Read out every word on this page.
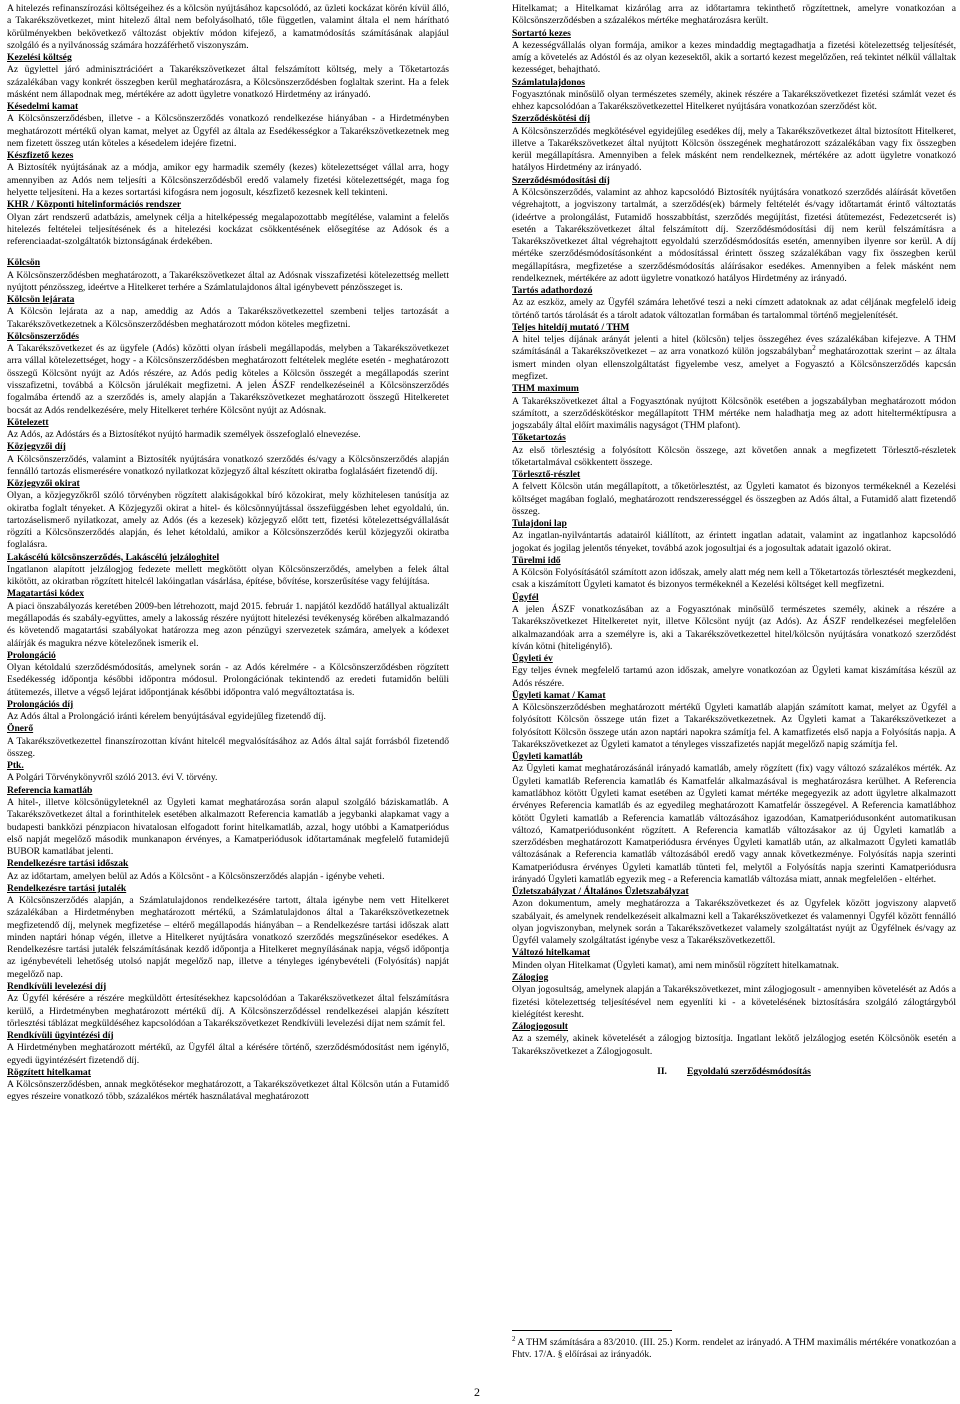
A hitelezés refinanszírozási költségeihez és a kölcsön nyújtásához kapcsolódó, az üzleti kockázat körén kívül álló, a Takarékszövetkezet, mint hitelező által nem befolyásolható, tőle független, valamint általa el nem hárítható körülményekben bekövetkező változást objektív módon kifejező, a kamatmódosítás számításának alapjául szolgáló és a nyilvánosság számára hozzáférhető viszonyszám.

Kezelési költség
Az ügylettel járó adminisztrációért a Takarékszövetkezet által felszámított költség, mely a Tőketartozás százalékában vagy konkrét összegben kerül meghatározásra, a Kölcsönszerződésben foglaltak szerint. Ha a felek másként nem állapodnak meg, mértékére az adott ügyletre vonatkozó Hirdetmény az irányadó.
Késedelmi kamat
A Kölcsönszerződésben, illetve - a Kölcsönszerződés vonatkozó rendelkezése hiányában - a Hirdetményben meghatározott mértékű olyan kamat, melyet az Ügyfél az általa az Esedékességkor a Takarékszövetkezetnek meg nem fizetett összeg után köteles a késedelem idejére fizetni.
Készfizető kezes
A Biztosíték nyújtásának az a módja, amikor egy harmadik személy (kezes) kötelezettséget vállal arra, hogy amennyiben az Adós nem teljesíti a Kölcsönszerződésből eredő valamely fizetési kötelezettségét, maga fog helyette teljesíteni. Ha a kezes sortartási kifogásra nem jogosult, készfizető kezesnek kell tekinteni.
KHR / Központi hitelinformációs rendszer
Olyan zárt rendszerű adatbázis, amelynek célja a hitelképesség megalapozottabb megítélése, valamint a felelős hitelezés feltételei teljesítésének és a hitelezési kockázat csökkentésének elősegítése az Adósok és a referenciaadat-szolgáltatók biztonságának érdekében.
Kölcsön
A Kölcsönszerződésben meghatározott, a Takarékszövetkezet által az Adósnak visszafizetési kötelezettség mellett nyújtott pénzösszeg, ideértve a Hitelkeret terhére a Számlatulajdonos által igénybevett pénzösszeget is.
Kölcsön lejárata
A Kölcsön lejárata az a nap, ameddig az Adós a Takarékszövetkezettel szembeni teljes tartozását a Takarékszövetkezetnek a Kölcsönszerződésben meghatározott módon köteles megfizetni.
Kölcsönszerződés
A Takarékszövetkezet és az ügyfele (Adós) közötti olyan írásbeli megállapodás, melyben a Takarékszövetkezet arra vállal kötelezettséget, hogy - a Kölcsönszerződésben meghatározott feltételek megléte esetén - meghatározott összegű Kölcsönt nyújt az Adós részére, az Adós pedig köteles a Kölcsön összegét a megállapodás szerint visszafizetni, továbbá a Kölcsön járulékait megfizetni. A jelen ÁSZF rendelkezéseinél a Kölcsönszerződés fogalmába értendő az a szerződés is, amely alapján a Takarékszövetkezet meghatározott összegű Hitelkeretet bocsát az Adós rendelkezésére, mely Hitelkeret terhére Kölcsönt nyújt az Adósnak.
Kötelezett
Az Adós, az Adóstárs és a Biztosítékot nyújtó harmadik személyek összefoglaló elnevezése.
Közjegyzői díj
A Kölcsönszerződés, valamint a Biztosíték nyújtására vonatkozó szerződés és/vagy a Kölcsönszerződés alapján fennálló tartozás elismerésére vonatkozó nyilatkozat közjegyző által készített okiratba foglalásáért fizetendő díj.
Közjegyzői okirat
Olyan, a közjegyzőkről szóló törvényben rögzített alakiságokkal bíró közokirat, mely közhitelesen tanúsítja az okiratba foglalt tényeket. A Közjegyzői okirat a hitel- és kölcsönnyújtással összefüggésben lehet egyoldalú, ún. tartozáselismerő nyilatkozat, amely az Adós (és a kezesek) közjegyző előtt tett, fizetési kötelezettségvállalását rögzíti a Kölcsönszerződés alapján, és lehet kétoldalú, amikor a Kölcsönszerződés kerül közjegyzői okiratba foglalásra.
Lakáscélú kölcsönszerződés, Lakáscélú jelzáloghitel
Ingatlanon alapított jelzálogjog fedezete mellett megkötött olyan Kölcsönszerződés, amelyben a felek által kikötött, az okiratban rögzített hitelcél lakóingatlan vásárlása, építése, bővítése, korszerűsítése vagy felújítása.
Magatartási kódex
A piaci önszabályozás keretében 2009-ben létrehozott, majd 2015. február 1. napjától kezdődő hatállyal aktualizált megállapodás és szabály-együttes, amely a lakosság részére nyújtott hitelezési tevékenység körében alkalmazandó és követendő magatartási szabályokat határozza meg azon pénzügyi szervezetek számára, amelyek a kódexet aláírják és magukra nézve kötelezőnek ismerik el.
Prolongáció
Olyan kétoldalú szerződésmódosítás, amelynek során - az Adós kérelmére - a Kölcsönszerződésben rögzített Esedékesség időpontja későbbi időpontra módosul. Prolongációnak tekintendő az eredeti futamidőn belüli átütemezés, illetve a végső lejárat időpontjának későbbi időpontra való megváltoztatása is.
Prolongációs díj
Az Adós által a Prolongáció iránti kérelem benyújtásával egyidejűleg fizetendő díj.
Önerő
A Takarékszövetkezettel finanszírozottan kívánt hitelcél megvalósításához az Adós által saját forrásból fizetendő összeg.
Ptk.
A Polgári Törvénykönyvről szóló 2013. évi V. törvény.
Referencia kamatláb
A hitel-, illetve kölcsönügyleteknél az Ügyleti kamat meghatározása során alapul szolgáló báziskamatláb. A Takarékszövetkezet által a forinthitelek esetében alkalmazott Referencia kamatláb a jegybanki alapkamat vagy a budapesti bankközi pénzpiacon hivatalosan elfogadott forint hitelkamatláb, azzal, hogy utóbbi a Kamatperiódus első napját megelőző második munkanapon érvényes, a Kamatperiódusok időtartamának megfelelő futamidejű BUBOR kamatlábat jelenti.
Rendelkezésre tartási időszak
Az az időtartam, amelyen belül az Adós a Kölcsönt - a Kölcsönszerződés alapján - igénybe veheti.
Rendelkezésre tartási jutalék
A Kölcsönszerződés alapján, a Számlatulajdonos rendelkezésére tartott, általa igénybe nem vett Hitelkeret százalékában a Hirdetményben meghatározott mértékű, a Számlatulajdonos által a Takarékszövetkezetnek megfizetendő díj, melynek megfizetése – eltérő megállapodás hiányában – a Rendelkezésre tartási időszak alatt minden naptári hónap végén, illetve a Hitelkeret nyújtására vonatkozó szerződés megszűnésekor esedékes. A Rendelkezésre tartási jutalék felszámításának kezdő időpontja a Hitelkeret megnyílásának napja, végső időpontja az igénybevételi lehetőség utolsó napját megelőző nap, illetve a tényleges igénybevételi (Folyósítás) napját megelőző nap.
Rendkívüli levelezési díj
Az Ügyfél kérésére a részére megküldött értesítésekhez kapcsolódóan a Takarékszövetkezet által felszámításra kerülő, a Hirdetményben meghatározott mértékű díj. A Kölcsönszerződéssel rendelkezései alapján készített törlesztési táblázat megküldéséhez kapcsolódóan a Takarékszövetkezet Rendkívüli levelezési díjat nem számít fel.
Rendkívüli ügyintézési díj
A Hirdetményben meghatározott mértékű, az Ügyfél által a kérésére történő, szerződésmódosítást nem igénylő, egyedi ügyintézésért fizetendő díj.
Rögzített hitelkamat
A Kölcsönszerződésben, annak megkötésekor meghatározott, a Takarékszövetkezet által Kölcsön után a Futamidő egyes részeire vonatkozó több, százalékos mérték használatával meghatározott

Hitelkamat; a Hitelkamat kizárólag arra az időtartamra tekinthető rögzítettnek, amelyre vonatkozóan a Kölcsönszerződésben a százalékos mértéke meghatározásra került.

Sortartó kezes
A kezességvállalás olyan formája, amikor a kezes mindaddig megtagadhatja a fizetési kötelezettség teljesítését, amíg a követelés az Adóstól és az olyan kezesektől, akik a sortartó kezest megelőzően, reá tekintet nélkül vállaltak kezességet, behajtható.
Számlatulajdonos
Fogyasztónak minősülő olyan természetes személy, akinek részére a Takarékszövetkezet fizetési számlát vezet és ehhez kapcsolódóan a Takarékszövetkezettel Hitelkeret nyújtására vonatkozóan szerződést köt.
Szerződéskötési díj
A Kölcsönszerződés megkötésével egyidejűleg esedékes díj, mely a Takarékszövetkezet által biztosított Hitelkeret, illetve a Takarékszövetkezet által nyújtott Kölcsön összegének meghatározott százalékában vagy fix összegben kerül megállapításra. Amennyiben a felek másként nem rendelkeznek, mértékére az adott ügyletre vonatkozó hatályos Hirdetmény az irányadó.
Szerződésmódosítási díj
A Kölcsönszerződés, valamint az ahhoz kapcsolódó Biztosíték nyújtására vonatkozó szerződés aláírását követően végrehajtott, a jogviszony tartalmát, a szerződés(ek) bármely feltételét és/vagy időtartamát érintő változtatás (ideértve a prolongálást, Futamidő hosszabbítást, szerződés megújítást, fizetési átütemezést, Fedezetcserét is) esetén a Takarékszövetkezet által felszámított díj. Szerződésmódosítási díj nem kerül felszámításra a Takarékszövetkezet által végrehajtott egyoldalú szerződésmódosítás esetén, amennyiben ilyenre sor kerül. A díj mértéke szerződésmódosításonként a módosítással érintett összeg százalékában vagy fix összegben kerül megállapításra, megfizetése a szerződésmódosítás aláírásakor esedékes. Amennyiben a felek másként nem rendelkeznek, mértékére az adott ügyletre vonatkozó hatályos Hirdetmény az irányadó.
Tartós adathordozó
Az az eszköz, amely az Ügyfél számára lehetővé teszi a neki címzett adatoknak az adat céljának megfelelő ideig történő tartós tárolását és a tárolt adatok változatlan formában és tartalommal történő megjelenítését.
Teljes hiteldíj mutató / THM
A hitel teljes díjának arányát jelenti a hitel (kölcsön) teljes összegéhez éves százalékában kifejezve. A THM számításánál a Takarékszövetkezet – az arra vonatkozó külön jogszabályban$^2$ meghatározottak szerint – az általa ismert minden olyan ellenszolgáltatást figyelembe vesz, amelyet a Fogyasztó a Kölcsönszerződés kapcsán megfizet.
THM maximum
A Takarékszövetkezet által a Fogyasztónak nyújtott Kölcsönök esetében a jogszabályban meghatározott módon számított, a szerződéskötéskor megállapított THM mértéke nem haladhatja meg az adott hitelterméktípusra a jogszabály által előírt maximális nagyságot (THM plafont).
Tőketartozás
Az első törlesztésig a folyósított Kölcsön összege, azt követően annak a megfizetett Törlesztő-részletek tőketartalmával csökkentett összege.
Törlesztő-részlet
A felvett Kölcsön után megállapított, a tőketörlesztést, az Ügyleti kamatot és bizonyos termékeknél a Kezelési költséget magában foglaló, meghatározott rendszerességgel és összegben az Adós által, a Futamidő alatt fizetendő összeg.
Tulajdoni lap
Az ingatlan-nyilvántartás adatairól kiállított, az érintett ingatlan adatait, valamint az ingatlanhoz kapcsolódó jogokat és jogilag jelentős tényeket, továbbá azok jogosultjai és a jogosultak adatait igazoló okirat.
Türelmi idő
A Kölcsön Folyósításától számított azon időszak, amely alatt még nem kell a Tőketartozás törlesztését megkezdeni, csak a kiszámított Ügyleti kamatot és bizonyos termékeknél a Kezelési költséget kell megfizetni.
Ügyfél
A jelen ÁSZF vonatkozásában az a Fogyasztónak minősülő természetes személy, akinek a részére a Takarékszövetkezet Hitelkeretet nyit, illetve Kölcsönt nyújt (az Adós). Az ÁSZF rendelkezései megfelelően alkalmazandóak arra a személyre is, aki a Takarékszövetkezettel hitel/kölcsön nyújtására vonatkozó szerződést kíván kötni (hiteligénylő).
Ügyleti év
Egy teljes évnek megfelelő tartamú azon időszak, amelyre vonatkozóan az Ügyleti kamat kiszámítása készül az Adós részére.
Ügyleti kamat / Kamat
A Kölcsönszerződésben meghatározott mértékű Ügyleti kamatláb alapján számított kamat, melyet az Ügyfél a folyósított Kölcsön összege után fizet a Takarékszövetkezetnek. Az Ügyleti kamat a Takarékszövetkezet a folyósított Kölcsön összege után azon naptári napokra számítja fel. A kamatfizetés első napja a Folyósítás napja. A Takarékszövetkezet az Ügyleti kamatot a tényleges visszafizetés napját megelőző napig számítja fel.
Ügyleti kamatláb
Az Ügyleti kamat meghatározásánál irányadó kamatláb, amely rögzített (fix) vagy változó százalékos mérték. Az Ügyleti kamatláb Referencia kamatláb és Kamatfelár alkalmazásával is meghatározásra kerülhet. A Referencia kamatlábhoz kötött Ügyleti kamat esetében az Ügyleti kamat mértéke megegyezik az adott ügyletre alkalmazott érvényes Referencia kamatláb és az egyedileg meghatározott Kamatfelár összegével. A Referencia kamatlábhoz kötött Ügyleti kamatláb a Referencia kamatláb változásához igazodóan, Kamatperiódusonként automatikusan változó, Kamatperiódusonként rögzített. A Referencia kamatláb változásakor az új Ügyleti kamatláb a szerződésben meghatározott Kamatperiódusra érvényes Ügyleti kamatláb után, az alkalmazott Ügyleti kamatláb változásának a Referencia kamatláb változásából eredő vagy annak következménye. Folyósítás napja szerinti Kamatperiódusra érvényes Ügyleti kamatláb tünteti fel, melytől a Folyósítás napja szerinti Kamatperiódusra irányadó Ügyleti kamatláb egyezik meg - a Referencia kamatláb változása miatt, annak megfelelően - eltérhet.
Üzletszabályzat / Általános Üzletszabályzat
Azon dokumentum, amely meghatározza a Takarékszövetkezet és az Ügyfelek között jogviszony alapvető szabályait, és amelynek rendelkezéseit alkalmazni kell a Takarékszövetkezet és valamennyi Ügyfél között fennálló olyan jogviszonyban, melynek során a Takarékszövetkezet valamely szolgáltatást nyújt az Ügyfélnek és/vagy az Ügyfél valamely szolgáltatást igénybe vesz a Takarékszövetkezettől.
Változó hitelkamat
Minden olyan Hitelkamat (Ügyleti kamat), ami nem minősül rögzített hitelkamatnak.
Zálogjog
Olyan jogosultság, amelynek alapján a Takarékszövetkezet, mint zálogjogosult - amennyiben követelését az Adós a fizetési kötelezettség teljesítésével nem egyenlíti ki - a követelésének biztosítására szolgáló zálogtárgyból kielégítést keresht.
Zálogjogosult
Az a személy, akinek követelését a zálogjog biztosítja. Ingatlant lekötő jelzálogjog esetén Kölcsönök esetén a Takarékszövetkezet a Zálogjogosult.
II. Egyoldalú szerződésmódosítás
$^2$ A THM számítására a 83/2010. (III. 25.) Korm. rendelet az irányadó. A THM maximális mértékére vonatkozóan a Fhtv. 17/A. § előírásai az irányadók.
2
